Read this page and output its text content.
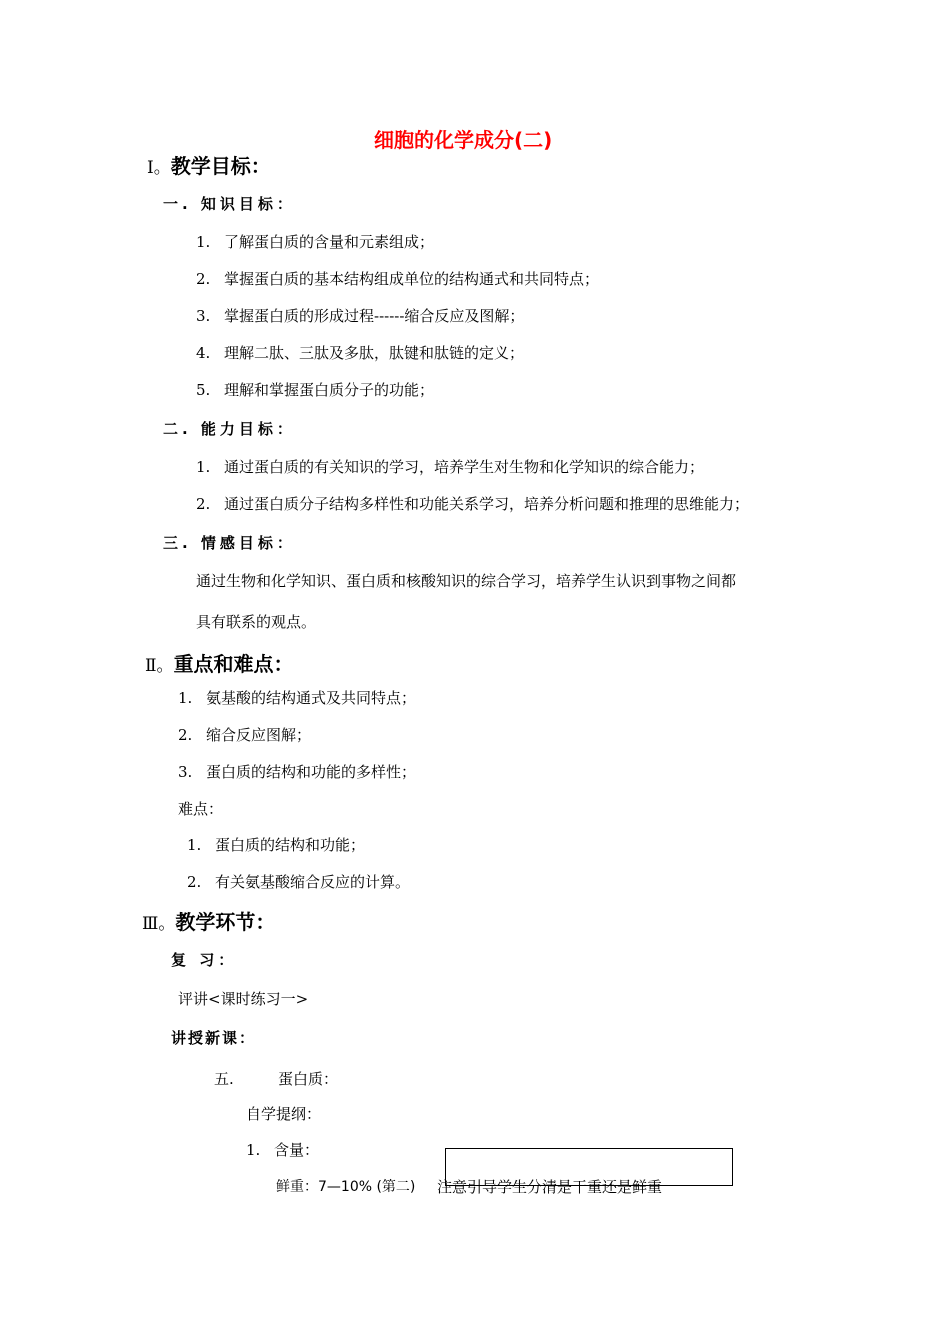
细胞的化学成分(二)
Ⅰ。教学目标：
一. 知识目标：
1. 了解蛋白质的含量和元素组成；
2. 掌握蛋白质的基本结构组成单位的结构通式和共同特点；
3. 掌握蛋白质的形成过程------缩合反应及图解；
4. 理解二肽、三肽及多肽，肽键和肽链的定义；
5. 理解和掌握蛋白质分子的功能；
二. 能力目标：
1. 通过蛋白质的有关知识的学习，培养学生对生物和化学知识的综合能力；
2. 通过蛋白质分子结构多样性和功能关系学习，培养分析问题和推理的思维能力；
三. 情感目标：
通过生物和化学知识、蛋白质和核酸知识的综合学习，培养学生认识到事物之间都
具有联系的观点。
Ⅱ。重点和难点：
1. 氨基酸的结构通式及共同特点；
2. 缩合反应图解；
3. 蛋白质的结构和功能的多样性；
难点：
1. 蛋白质的结构和功能；
2. 有关氨基酸缩合反应的计算。
Ⅲ。教学环节：
复 习：
评讲<课时练习一>
讲授新课：
五.	蛋白质：
自学提纲：
1. 含量：
鲜重：7—10% (第二) 注意引导学生分清是干重还是鲜重
